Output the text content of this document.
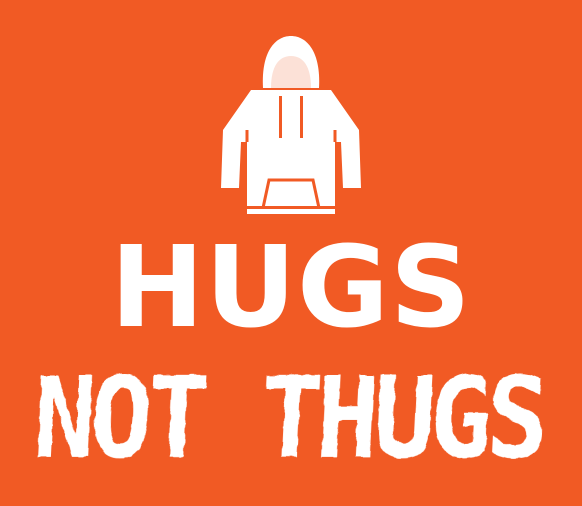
HUGS
NOT THUGS
